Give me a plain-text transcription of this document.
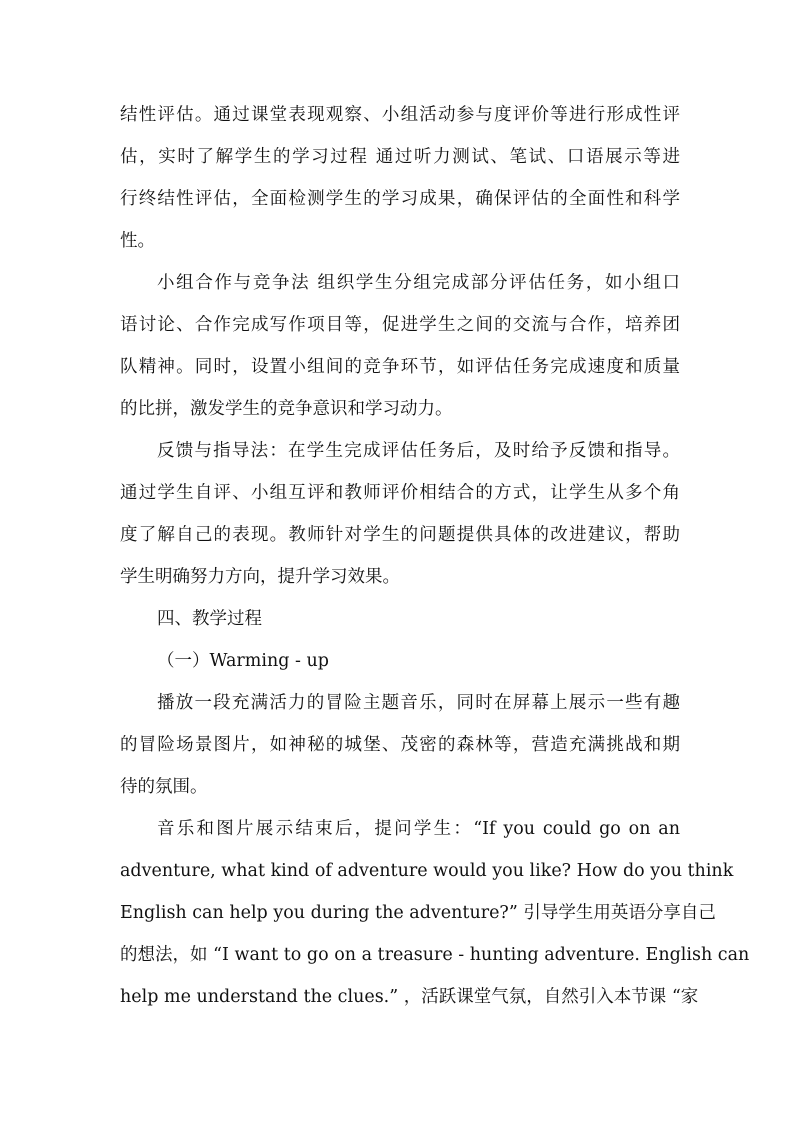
结性评估。通过课堂表现观察、小组活动参与度评价等进行形成性评
估，实时了解学生的学习过程 通过听力测试、笔试、口语展示等进
行终结性评估，全面检测学生的学习成果，确保评估的全面性和科学
性。
小组合作与竞争法 组织学生分组完成部分评估任务，如小组口
语讨论、合作完成写作项目等，促进学生之间的交流与合作，培养团
队精神。同时，设置小组间的竞争环节，如评估任务完成速度和质量
的比拼，激发学生的竞争意识和学习动力。
反馈与指导法：在学生完成评估任务后，及时给予反馈和指导。
通过学生自评、小组互评和教师评价相结合的方式，让学生从多个角
度了解自己的表现。教师针对学生的问题提供具体的改进建议，帮助
学生明确努力方向，提升学习效果。
四、教学过程
（一）Warming - up
播放一段充满活力的冒险主题音乐，同时在屏幕上展示一些有趣
的冒险场景图片，如神秘的城堡、茂密的森林等，营造充满挑战和期
待的氛围。
音乐和图片展示结束后，提问学生：“If you could go on an
adventure, what kind of adventure would you like? How do you think
English can help you during the adventure?” 引导学生用英语分享自己
的想法，如 “I want to go on a treasure - hunting adventure. English can
help me understand the clues.” ，活跃课堂气氛，自然引入本节课 “家
